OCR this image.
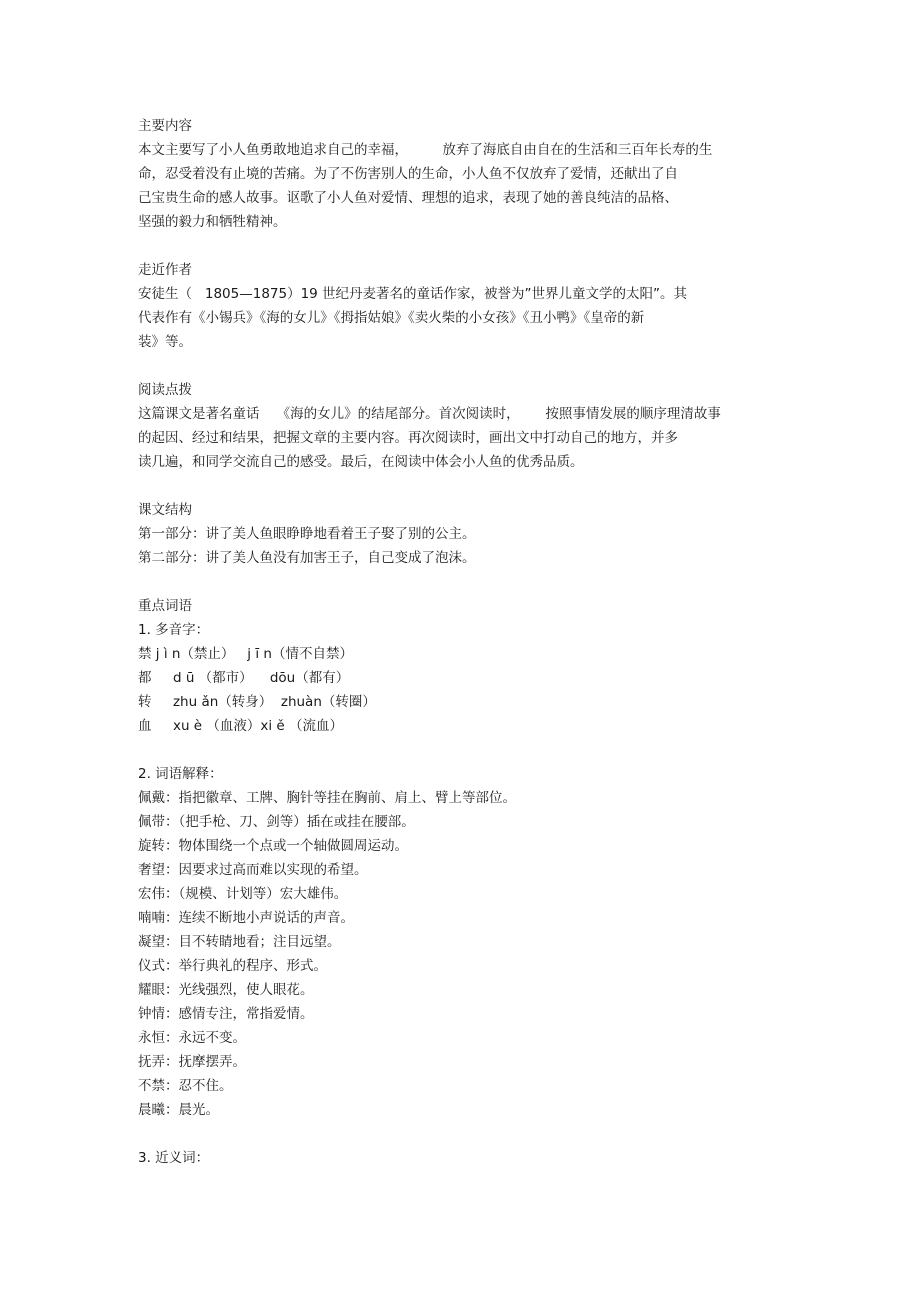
主要内容
本文主要写了小人鱼勇敢地追求自己的幸福，        放弃了海底自由自在的生活和三百年长寿的生
命，忍受着没有止境的苦痛。为了不伤害别人的生命，小人鱼不仅放弃了爱情，还献出了自
己宝贵生命的感人故事。讴歌了小人鱼对爱情、理想的追求，表现了她的善良纯洁的品格、
坚强的毅力和牺牲精神。
走近作者
安徒生（   1805—1875）19 世纪丹麦著名的童话作家，被誉为”世界儿童文学的太阳”。其
代表作有《小锡兵》《海的女儿》《拇指姑娘》《卖火柴的小女孩》《丑小鸭》《皇帝的新
装》等。
阅读点拨
这篇课文是著名童话    《海的女儿》的结尾部分。首次阅读时，      按照事情发展的顺序理清故事
的起因、经过和结果，把握文章的主要内容。再次阅读时，画出文中打动自己的地方，并多
读几遍，和同学交流自己的感受。最后，在阅读中体会小人鱼的优秀品质。
课文结构
第一部分：讲了美人鱼眼睁睁地看着王子娶了别的公主。
第二部分：讲了美人鱼没有加害王子，自己变成了泡沫。
重点词语
1. 多音字：
禁 j ì n（禁止）   j ī n（情不自禁）
都     d ū （都市）    dōu（都有）
转     zhu ǎn（转身）  zhuàn（转圈）
血     xu è （血液）xi ě （流血）
2. 词语解释：
佩戴：指把徽章、工牌、胸针等挂在胸前、肩上、臂上等部位。
佩带：（把手枪、刀、剑等）插在或挂在腰部。
旋转：物体围绕一个点或一个轴做圆周运动。
奢望：因要求过高而难以实现的希望。
宏伟：（规模、计划等）宏大雄伟。
喃喃：连续不断地小声说话的声音。
凝望：目不转睛地看；注目远望。
仪式：举行典礼的程序、形式。
耀眼：光线强烈，使人眼花。
钟情：感情专注，常指爱情。
永恒：永远不变。
抚弄：抚摩摆弄。
不禁：忍不住。
晨曦：晨光。
3. 近义词：
